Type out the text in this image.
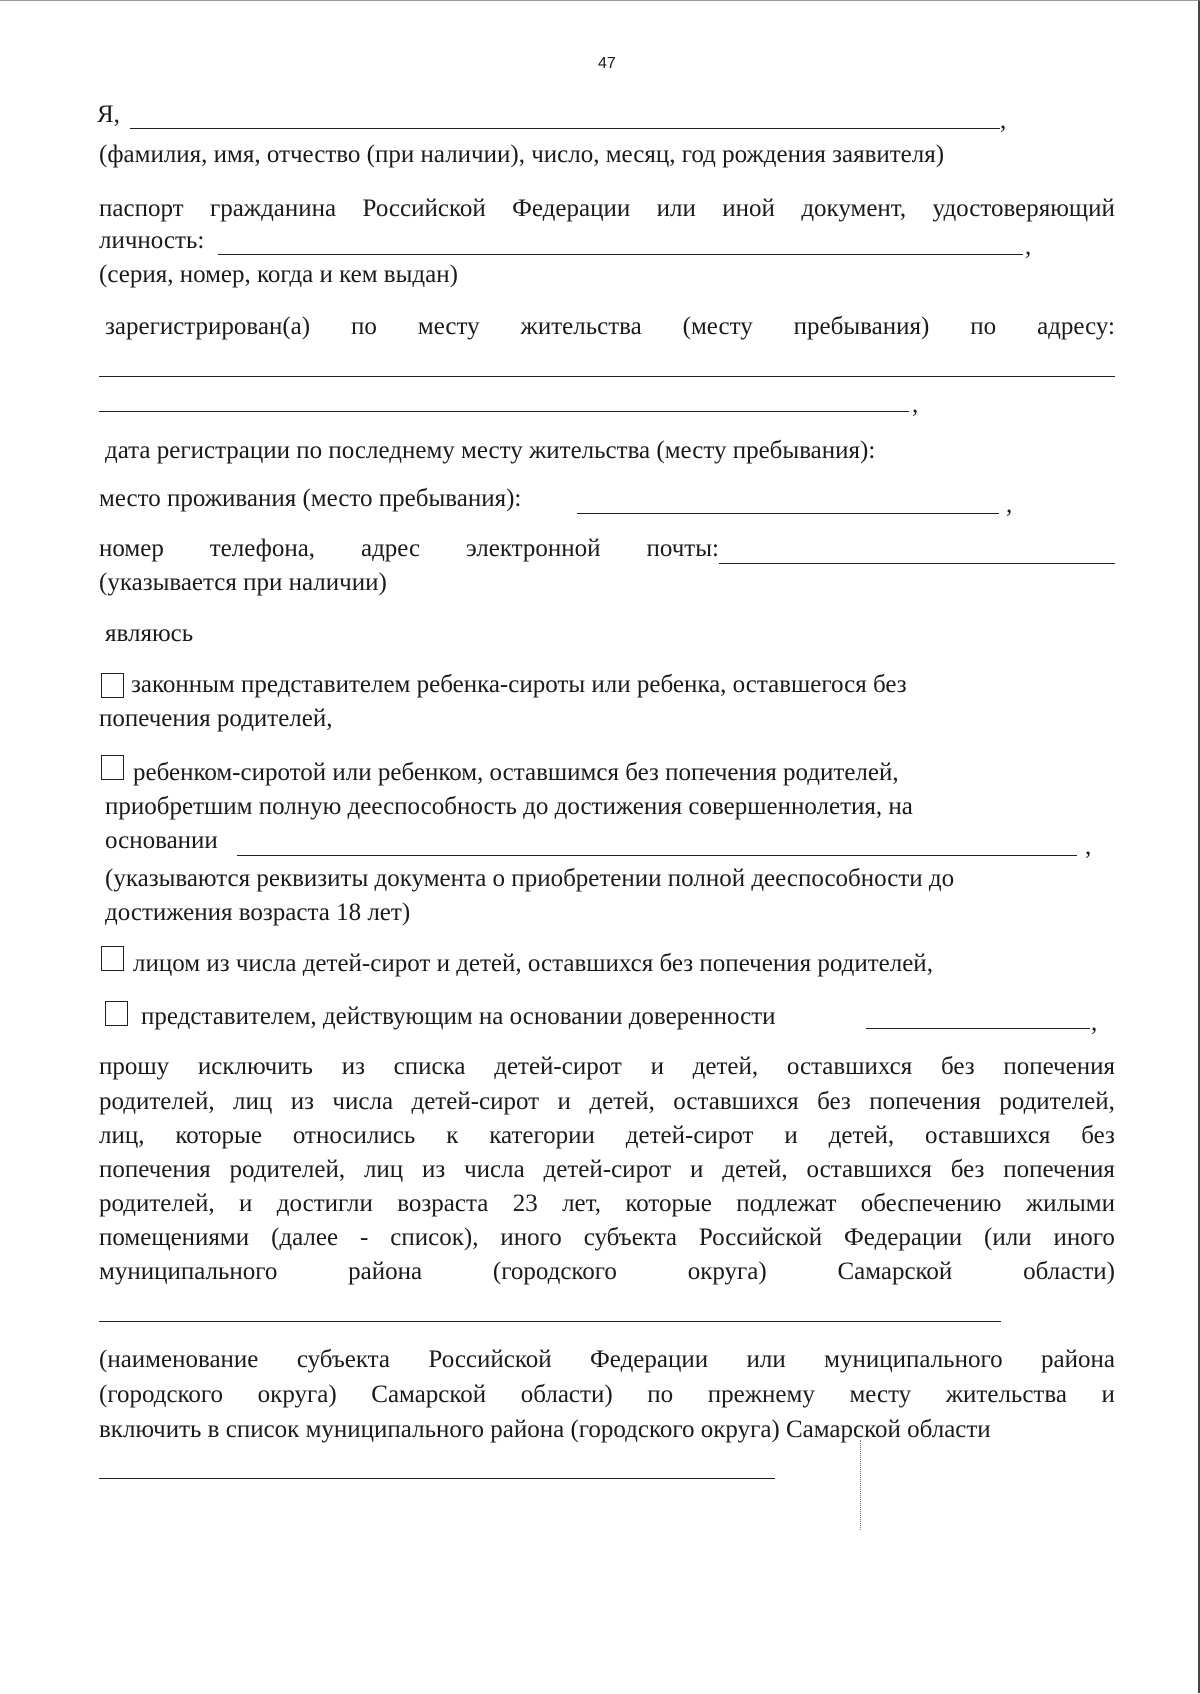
47
Я,	,
(фамилия, имя, отчество (при наличии), число, месяц, год рождения заявителя)
паспорт гражданина Российской Федерации или иной документ, удостоверяющий
личность:	,
(серия, номер, когда и кем выдан)
зарегистрирован(а) по месту жительства (месту пребывания) по адресу:
,
дата регистрации по последнему месту жительства (месту пребывания):
место проживания (место пребывания):	,
номер телефона, адрес электронной почты:
(указывается при наличии)
являюсь
законным представителем ребенка-сироты или ребенка, оставшегося без
попечения родителей,
ребенком-сиротой или ребенком, оставшимся без попечения родителей,
приобретшим полную дееспособность до достижения совершеннолетия, на
основании	,
(указываются реквизиты документа о приобретении полной дееспособности до
достижения возраста 18 лет)
лицом из числа детей-сирот и детей, оставшихся без попечения родителей,
представителем, действующим на основании доверенности	,
прошу исключить из списка детей-сирот и детей, оставшихся без попечения
родителей, лиц из числа детей-сирот и детей, оставшихся без попечения родителей,
лиц, которые относились к категории детей-сирот и детей, оставшихся без
попечения родителей, лиц из числа детей-сирот и детей, оставшихся без попечения
родителей, и достигли возраста 23 лет, которые подлежат обеспечению жилыми
помещениями (далее - список), иного субъекта Российской Федерации (или иного
муниципального	района	(городского	округа)	Самарской	области)
(наименование субъекта Российской Федерации или муниципального района
(городского округа) Самарской области) по прежнему месту жительства и
включить в список муниципального района (городского округа) Самарской области
